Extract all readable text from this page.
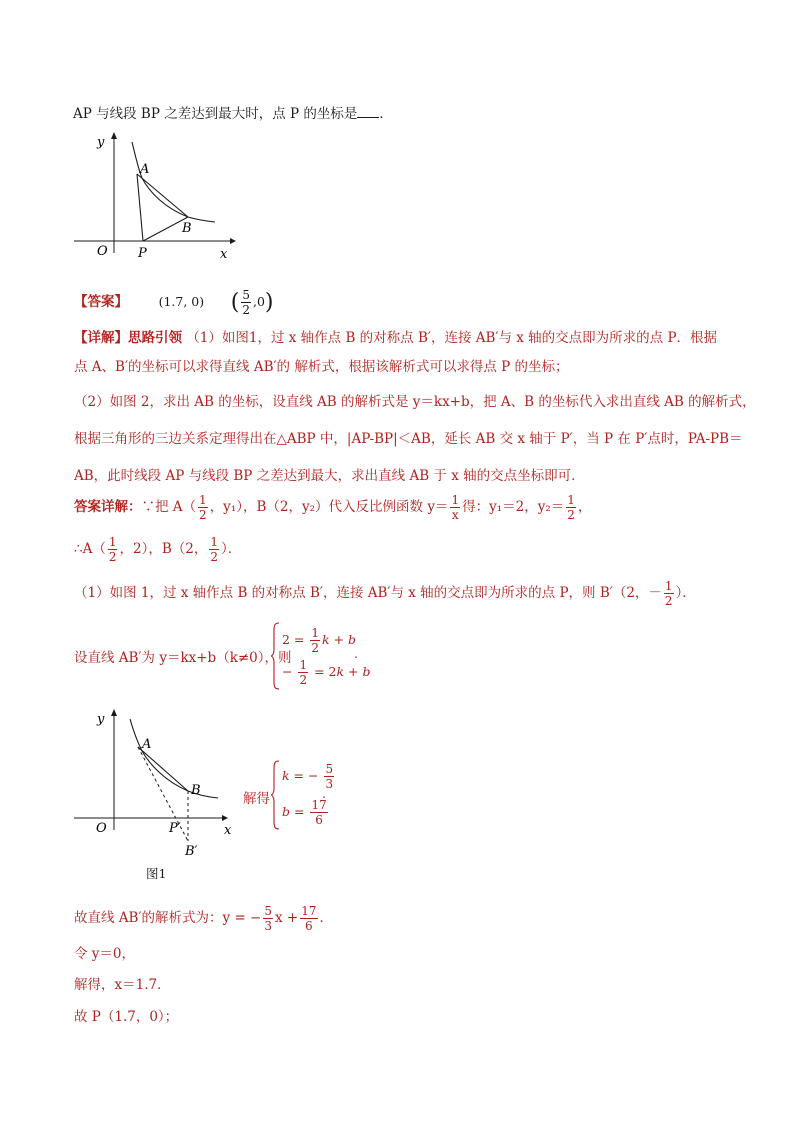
AP 与线段 BP 之差达到最大时，点 P 的坐标是 ．
y
x
O
A
B
P
【答案】 (1.7, 0) ( $\frac{5}{2} ,0$)
【详解】思路引领 （1）如图1，过 x 轴作点 B 的对称点 B′，连接 AB′与 x 轴的交点即为所求的点 P．根据
点 A、B′的坐标可以求得直线 AB′的 解析式，根据该解析式可以求得点 P 的坐标；
（2）如图 2，求出 AB 的坐标，设直线 AB 的解析式是 y＝kx+b，把 A、B 的坐标代入求出直线 AB 的解析式，
根据三角形的三边关系定理得出在△ABP 中，|AP-BP|＜AB，延长 AB 交 x 轴于 P′，当 P 在 P′点时，PA-PB＝
AB，此时线段 AP 与线段 BP 之差达到最大，求出直线 AB 于 x 轴的交点坐标即可．
答案详解：∵把 $A( \frac{1}{2}$ ，y₁），B（2，y₂）代入反比例函数 $y= \frac{1}{x}$ 得：y₁＝2，$y_2= \frac{1}{2}$ ，
∴A（ $\frac{1}{2}$ ，2），B（2， $\frac{1}{2}$ ）．
（1）如图 1，过 x 轴作点 B 的对称点 B′，连接 AB′与 x 轴的交点即为所求的点 P，则 B′（2，－ $\frac{1}{2}$ ）．
设直线 AB′为 y＝kx+b（k≠0），则
$2 = \frac{1}{2}$ k + b
− $\frac{1}{2} = 2k + b$
.
y
x
O
A
B
P′
B′
解得
k = − $\frac{5}{3}$
$b = \frac{17}{6}$
.
图1
故直线 AB′的解析式为：y = − $\frac{5}{3}$ $x + \frac{17}{6}$ ．
令 y＝0，
解得，x＝1.7．
故 P（1.7，0）；
